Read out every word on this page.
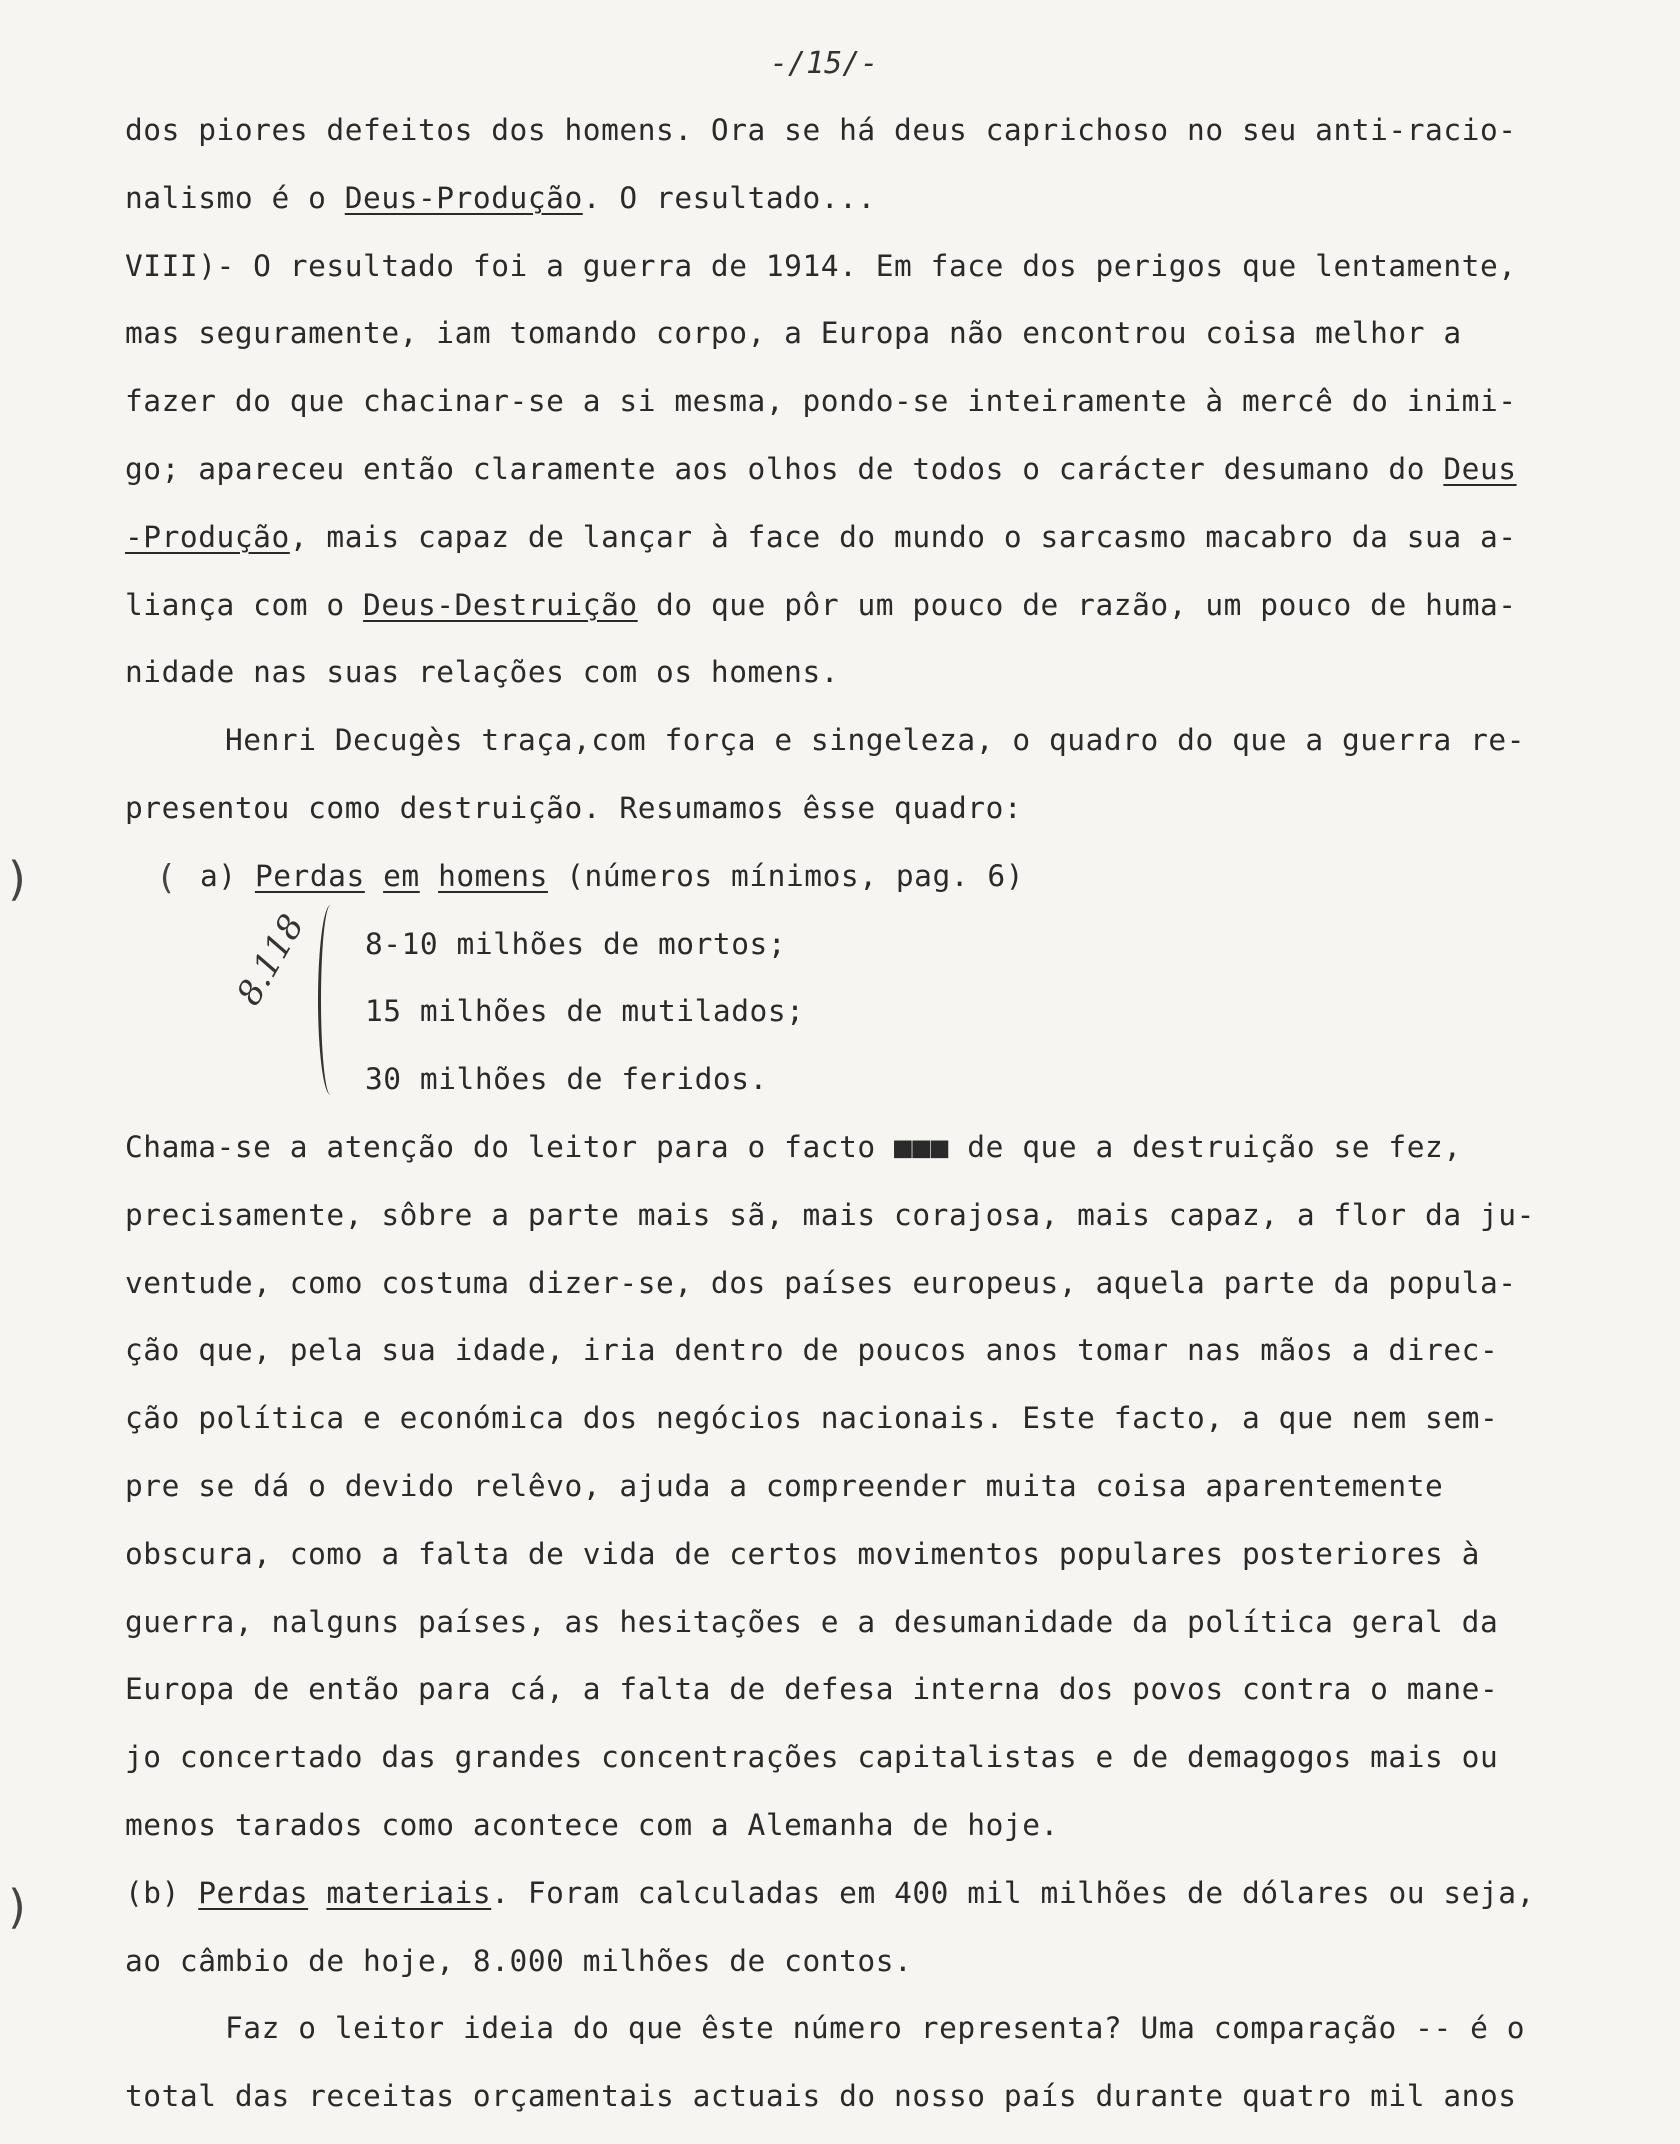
-/15/-
dos piores defeitos dos homens. Ora se há deus caprichoso no seu anti-racio-
nalismo é o Deus-Produção. O resultado...
VIII)- O resultado foi a guerra de 1914. Em face dos perigos que lentamente,
mas seguramente, iam tomando corpo, a Europa não encontrou coisa melhor a
fazer do que chacinar-se a si mesma, pondo-se inteiramente à mercê do inimi-
go; apareceu então claramente aos olhos de todos o carácter desumano do Deus
-Produção, mais capaz de lançar à face do mundo o sarcasmo macabro da sua a-
liança com o Deus-Destruição do que pôr um pouco de razão, um pouco de huma-
nidade nas suas relações com os homens.
Henri Decugès traça,com força e singeleza, o quadro do que a guerra re-
presentou como destruição. Resumamos êsse quadro:
a) Perdas em homens (números mínimos, pag. 6)
8-10 milhões de mortos;
15 milhões de mutilados;
30 milhões de feridos.
Chama-se a atenção do leitor para o facto ■■■ de que a destruição se fez,
precisamente, sôbre a parte mais sã, mais corajosa, mais capaz, a flor da ju-
ventude, como costuma dizer-se, dos países europeus, aquela parte da popula-
ção que, pela sua idade, iria dentro de poucos anos tomar nas mãos a direc-
ção política e económica dos negócios nacionais. Este facto, a que nem sem-
pre se dá o devido relêvo, ajuda a compreender muita coisa aparentemente
obscura, como a falta de vida de certos movimentos populares posteriores à
guerra, nalguns países, as hesitações e a desumanidade da política geral da
Europa de então para cá, a falta de defesa interna dos povos contra o mane-
jo concertado das grandes concentrações capitalistas e de demagogos mais ou
menos tarados como acontece com a Alemanha de hoje.
(b) Perdas materiais. Foram calculadas em 400 mil milhões de dólares ou seja,
ao câmbio de hoje, 8.000 milhões de contos.
Faz o leitor ideia do que êste número representa? Uma comparação -- é o
total das receitas orçamentais actuais do nosso país durante quatro mil anos
8.118
)
)
(
